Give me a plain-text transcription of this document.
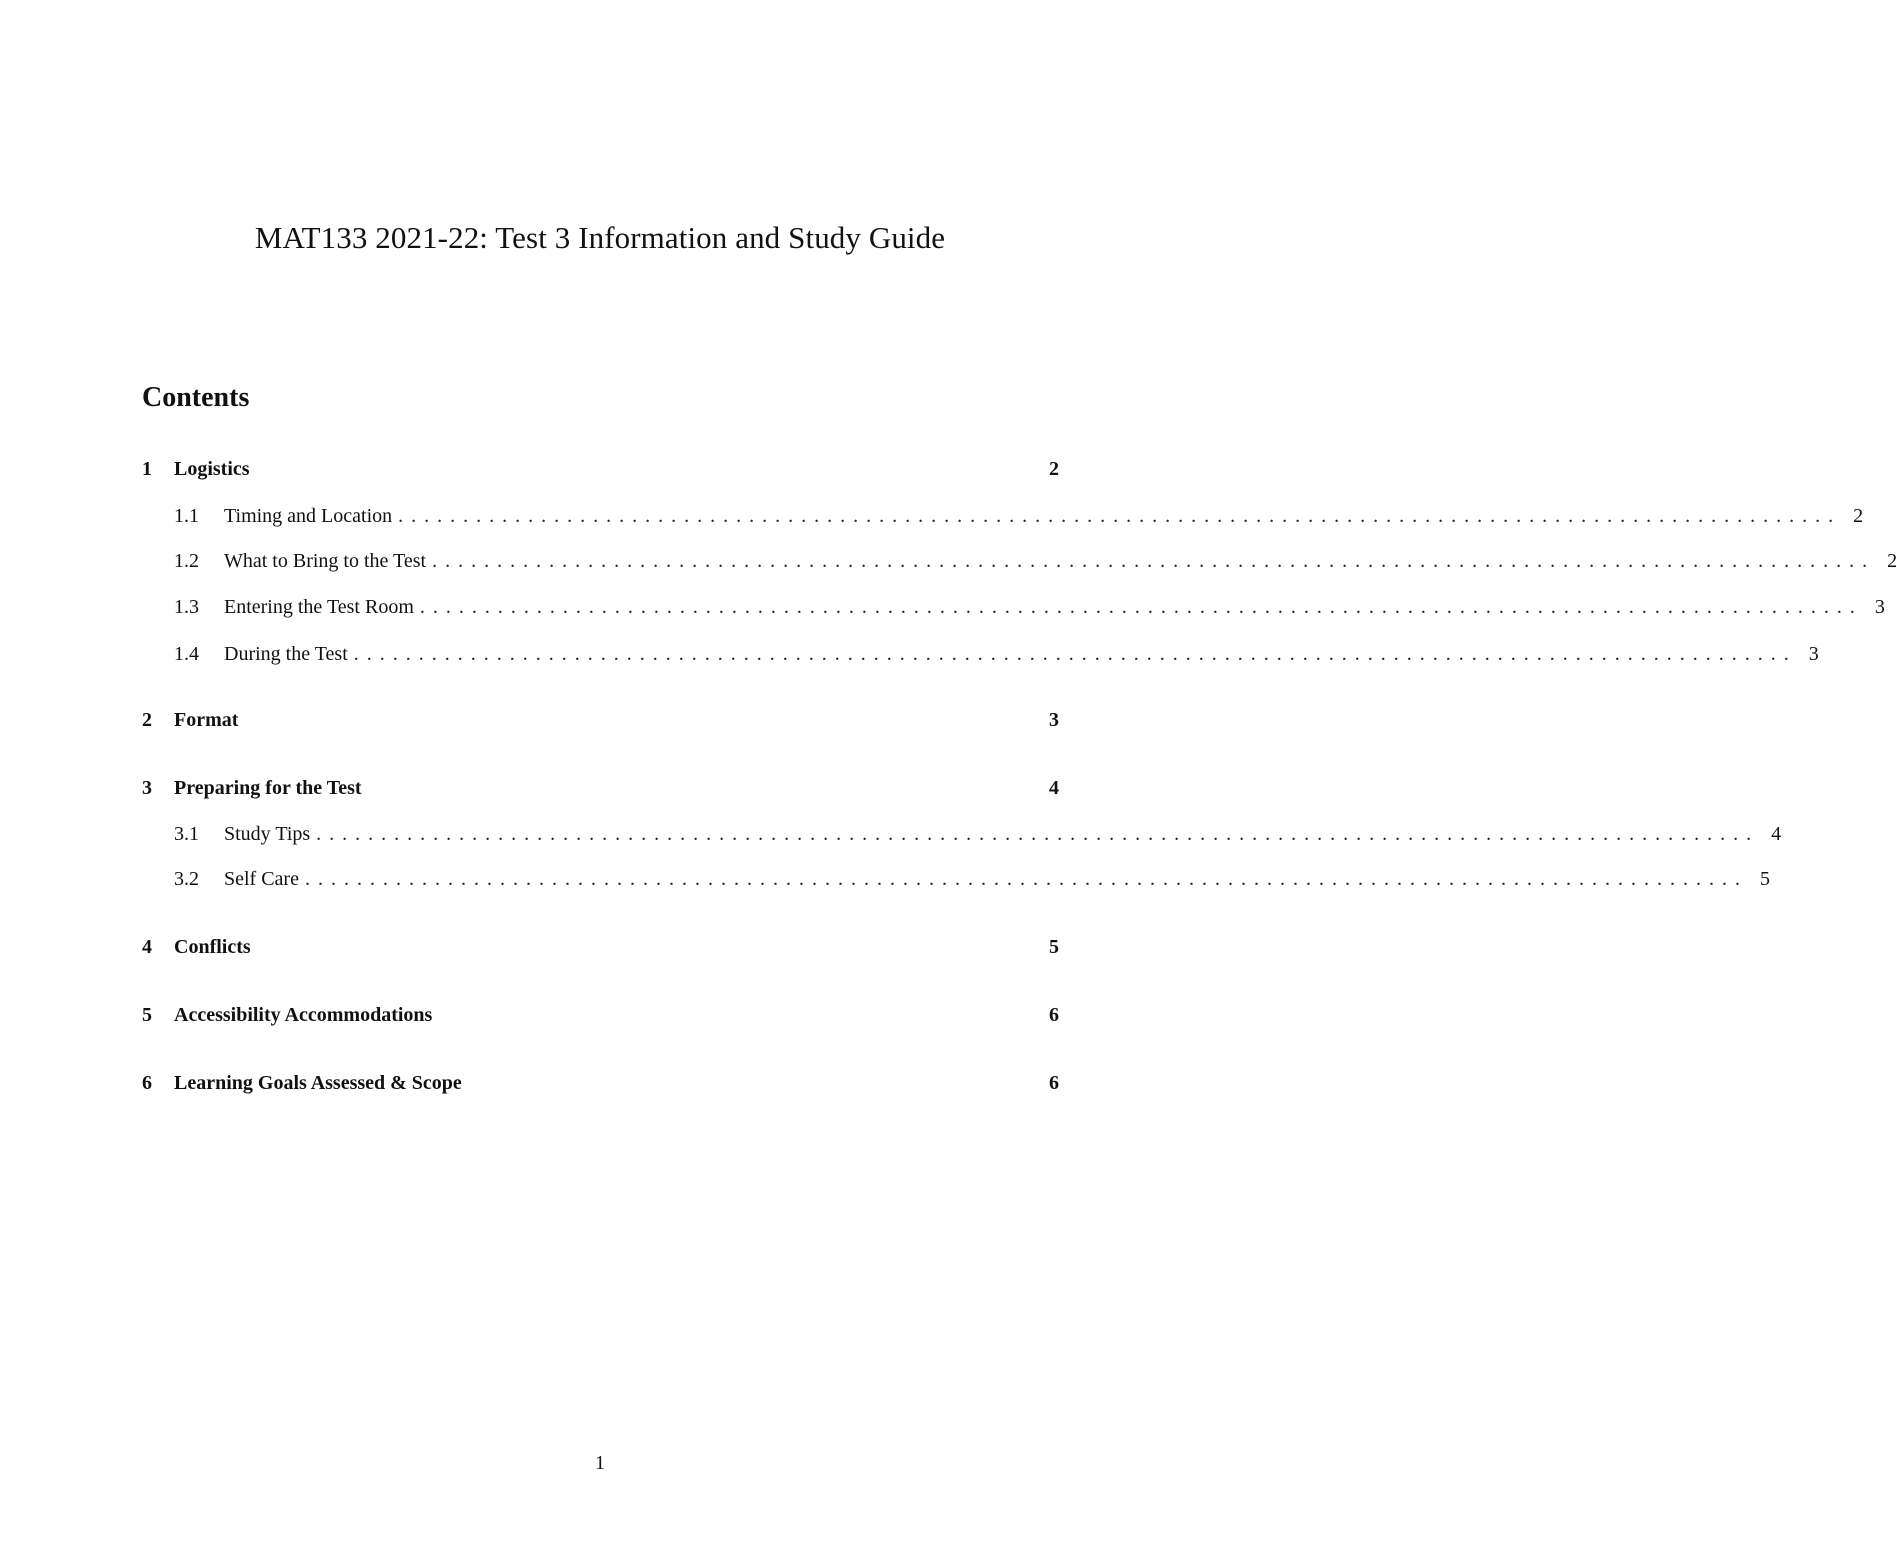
MAT133 2021-22: Test 3 Information and Study Guide
Contents
1	Logistics	2
1.1	Timing and Location ............................................................................................................... 2
1.2	What to Bring to the Test ............................................................................................................... 2
1.3	Entering the Test Room ............................................................................................................... 3
1.4	During the Test ............................................................................................................... 3
2	Format	3
3	Preparing for the Test	4
3.1	Study Tips ............................................................................................................... 4
3.2	Self Care ............................................................................................................... 5
4	Conflicts	5
5	Accessibility Accommodations	6
6	Learning Goals Assessed & Scope	6
1
